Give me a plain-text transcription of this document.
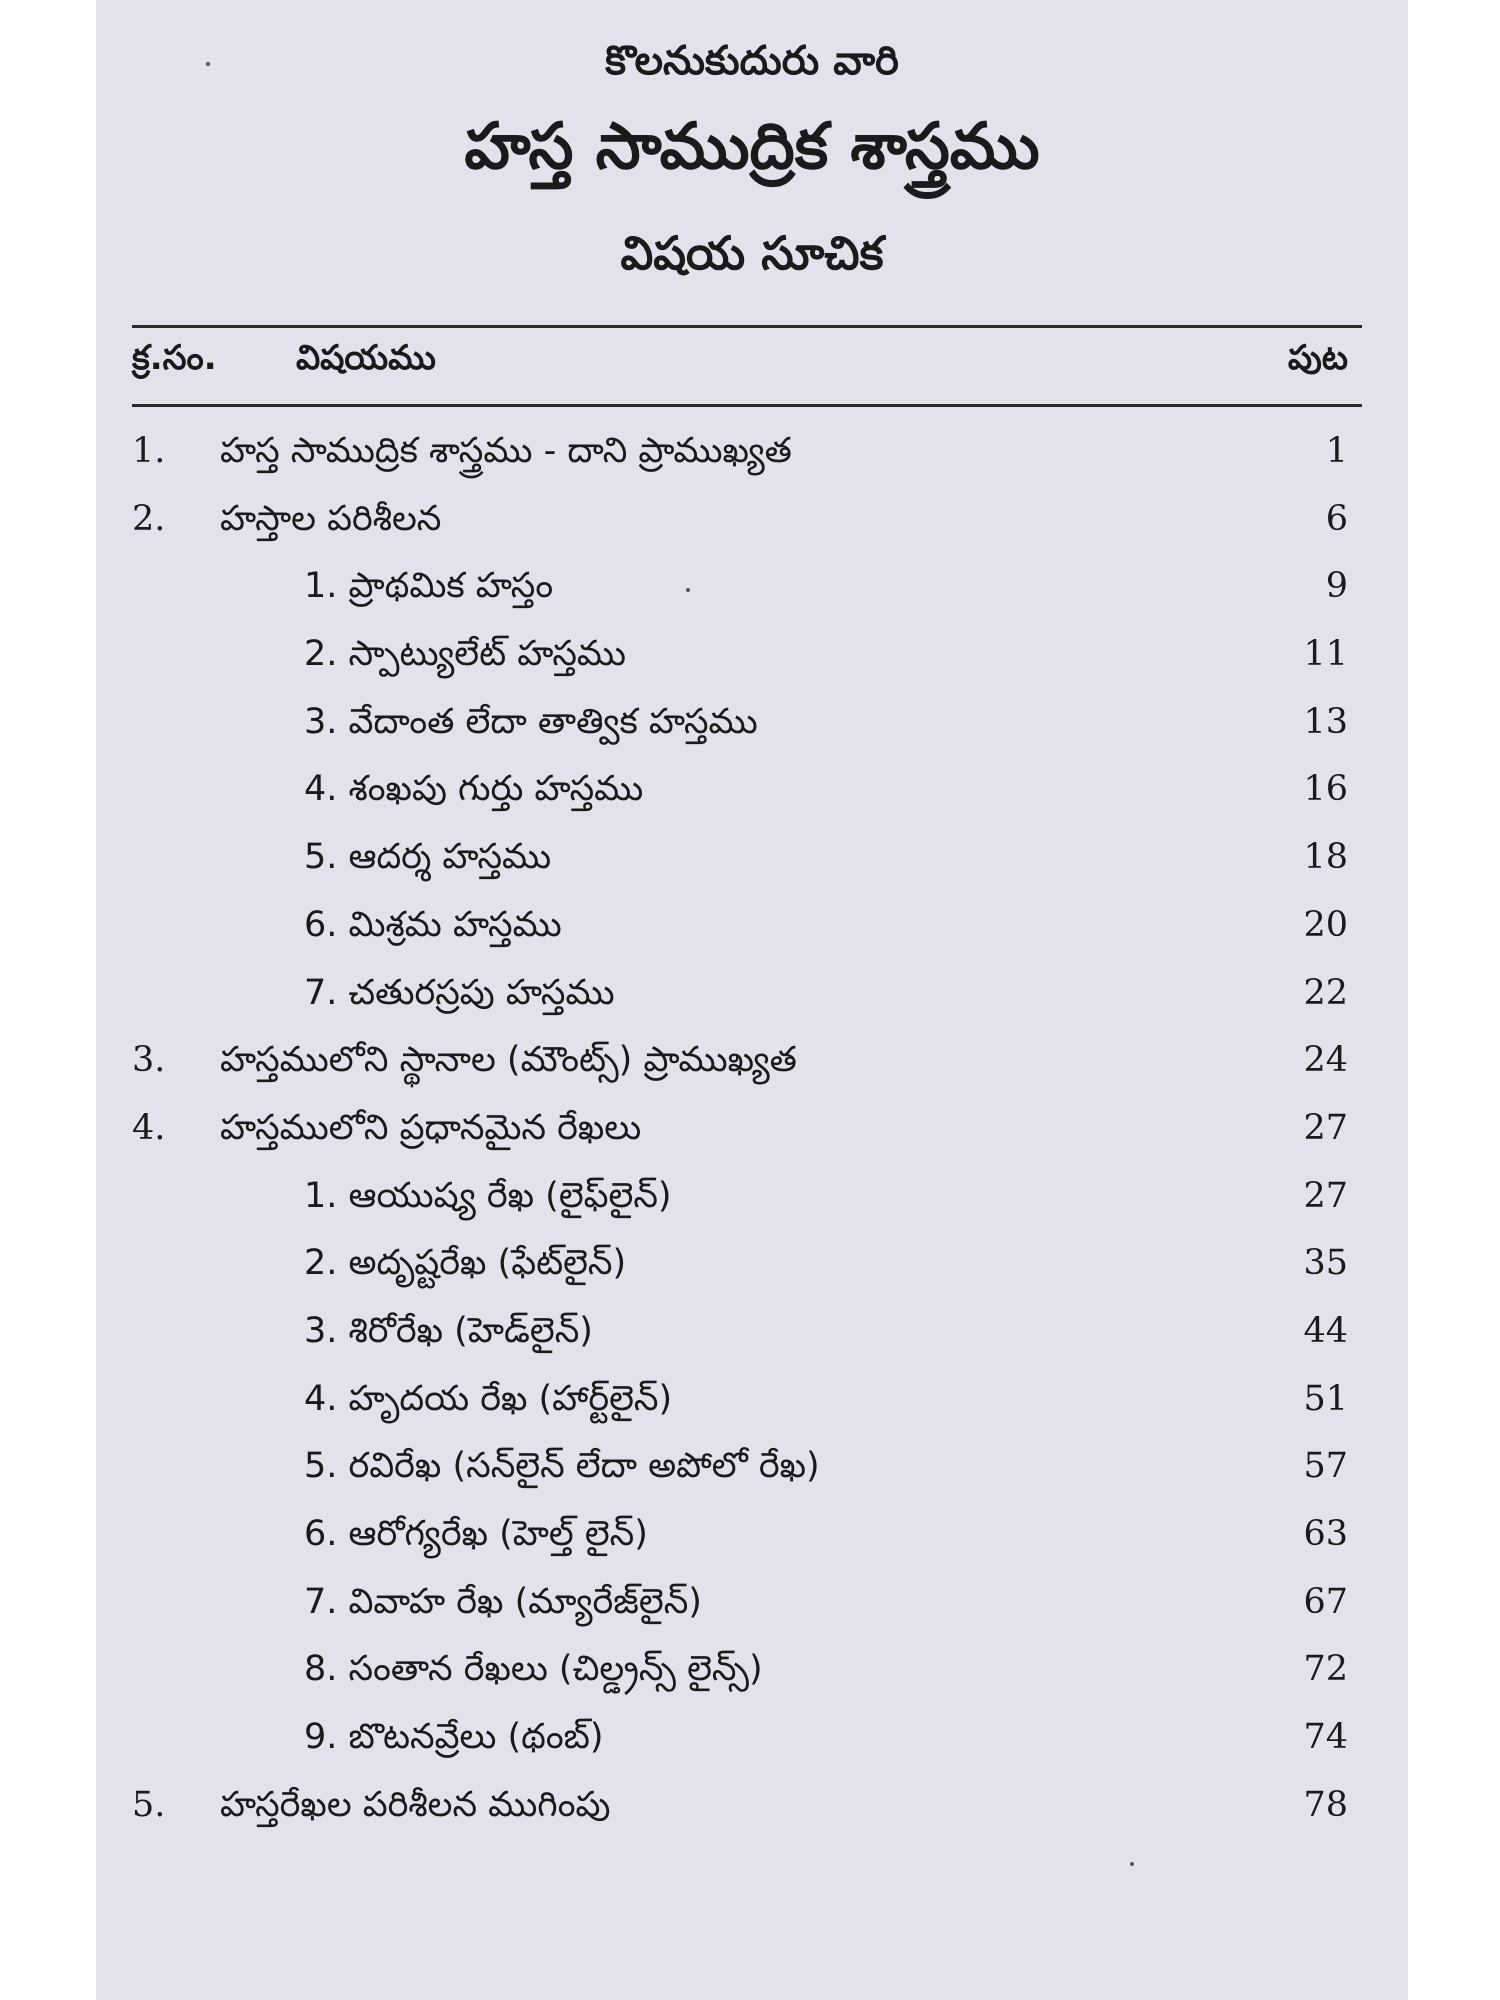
కొలనుకుదురు వారి
హస్త సాముద్రిక శాస్త్రము
విషయ సూచిక
క్ర.సం. విషయము	పుట
1. హస్త సాముద్రిక శాస్త్రము - దాని ప్రాముఖ్యత	1
2. హస్తాల పరిశీలన	6
1. ప్రాథమిక హస్తం	9
2. స్పాట్యులేట్ హస్తము	11
3. వేదాంత లేదా తాత్విక హస్తము	13
4. శంఖపు గుర్తు హస్తము	16
5. ఆదర్శ హస్తము	18
6. మిశ్రమ హస్తము	20
7. చతురస్రపు హస్తము	22
3. హస్తములోని స్థానాల (మౌంట్స్) ప్రాముఖ్యత	24
4. హస్తములోని ప్రధానమైన రేఖలు	27
1. ఆయుష్య రేఖ (లైఫ్‌లైన్)	27
2. అదృష్టరేఖ (ఫేట్‌లైన్)	35
3. శిరోరేఖ (హెడ్‌లైన్)	44
4. హృదయ రేఖ (హార్ట్‌లైన్)	51
5. రవిరేఖ (సన్‌లైన్ లేదా అపోలో రేఖ)	57
6. ఆరోగ్యరేఖ (హెల్త్ లైన్)	63
7. వివాహ రేఖ (మ్యారేజ్‌లైన్)	67
8. సంతాన రేఖలు (చిల్డ్రన్స్ లైన్స్)	72
9. బొటనవ్రేలు (థంబ్)	74
5. హస్తరేఖల పరిశీలన ముగింపు	78
